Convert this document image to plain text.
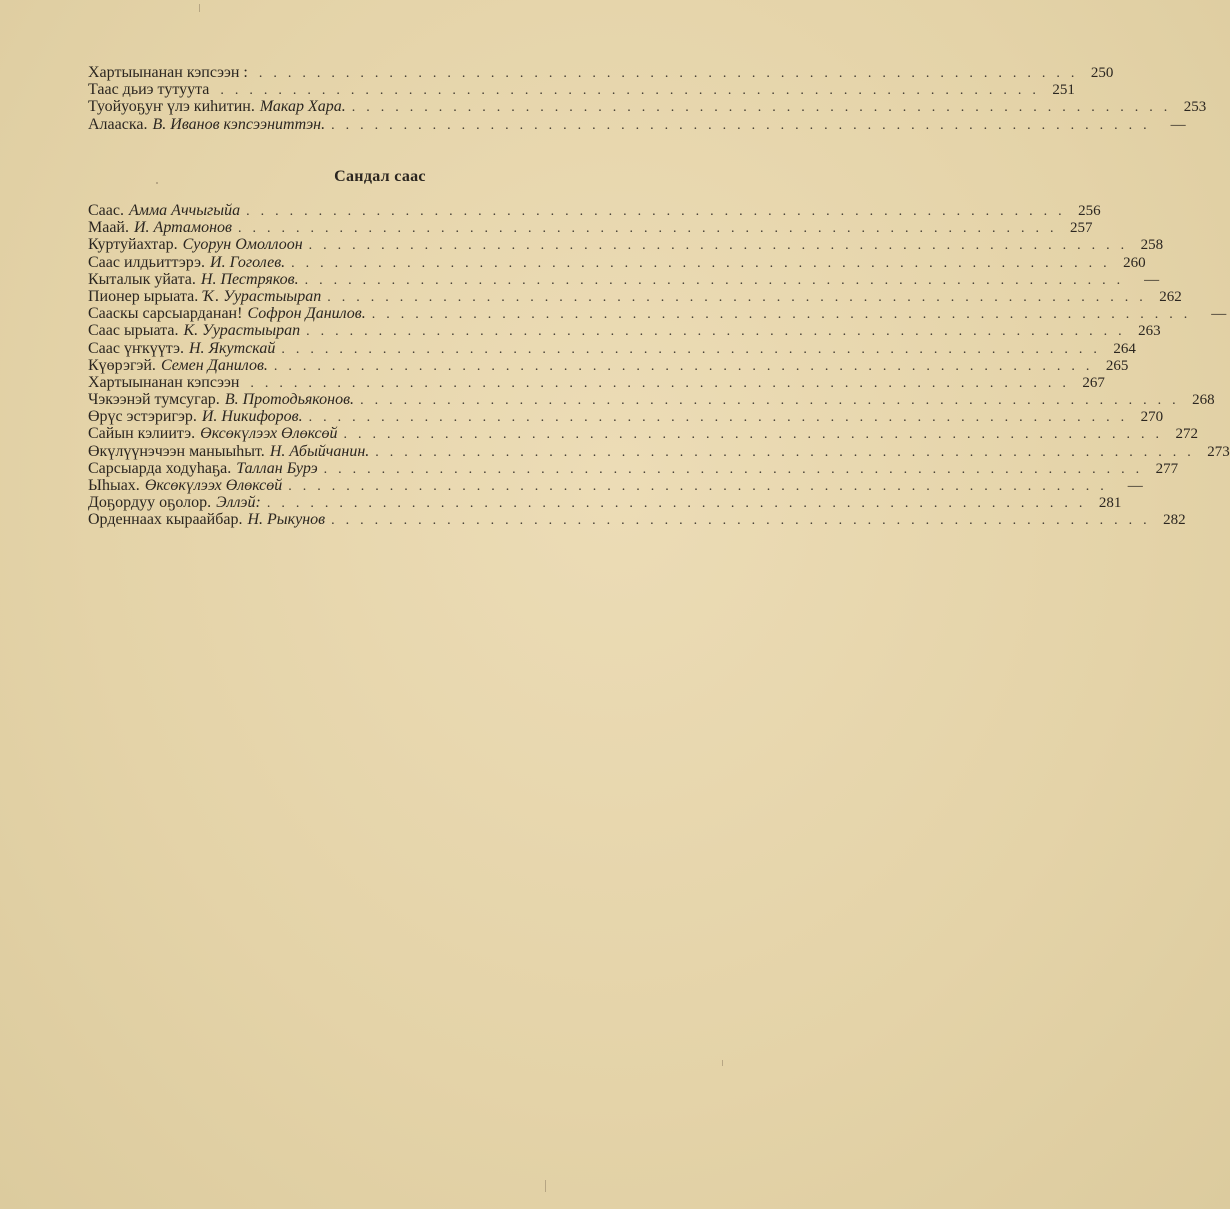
Хартыынанан кэпсээн : ......................................................... 250
Таас дьиэ тутуута ......................................................... 251
Туойуоҕуҥ үлэ киһитин. Макар Хара. ......................................................... 253
Алааска. В. Иванов кэпсээниттэн. ......................................................... —
Сандал саас
Саас. Амма Аччыгыйа ......................................................... 256
Маай. И. Артамонов ......................................................... 257
Куртуйахтар. Суорун Омоллоон ......................................................... 258
Саас илдьиттэрэ. И. Гоголев. ......................................................... 260
Кыталык уйата. Н. Пестряков. ......................................................... —
Пионер ырыата. Ҡ. Уурастыырап ......................................................... 262
Сааскы сарсыарданан! Софрон Данилов. ......................................................... —
Саас ырыата. К. Уурастыырап ......................................................... 263
Саас үҥкүүтэ. Н. Якутскай ......................................................... 264
Күөрэгэй. Семен Данилов. ......................................................... 265
Хартыынанан кэпсээн ......................................................... 267
Чэкээнэй тумсугар. В. Протодьяконов. ......................................................... 268
Өрүс эстэригэр. И. Никифоров. ......................................................... 270
Сайын кэлиитэ. Өксөкүлээх Өлөксөй ......................................................... 272
Өкүлүүнэчээн маныыһыт. Н. Абыйчанин. ......................................................... 273
Сарсыарда ходуһаҕа. Таллан Бурэ ......................................................... 277
Ыһыах. Өксөкүлээх Өлөксөй ......................................................... —
Доҕордуу оҕолор. Эллэй: ......................................................... 281
Орденнаах кыраайбар. Н. Рыкунов ......................................................... 282
